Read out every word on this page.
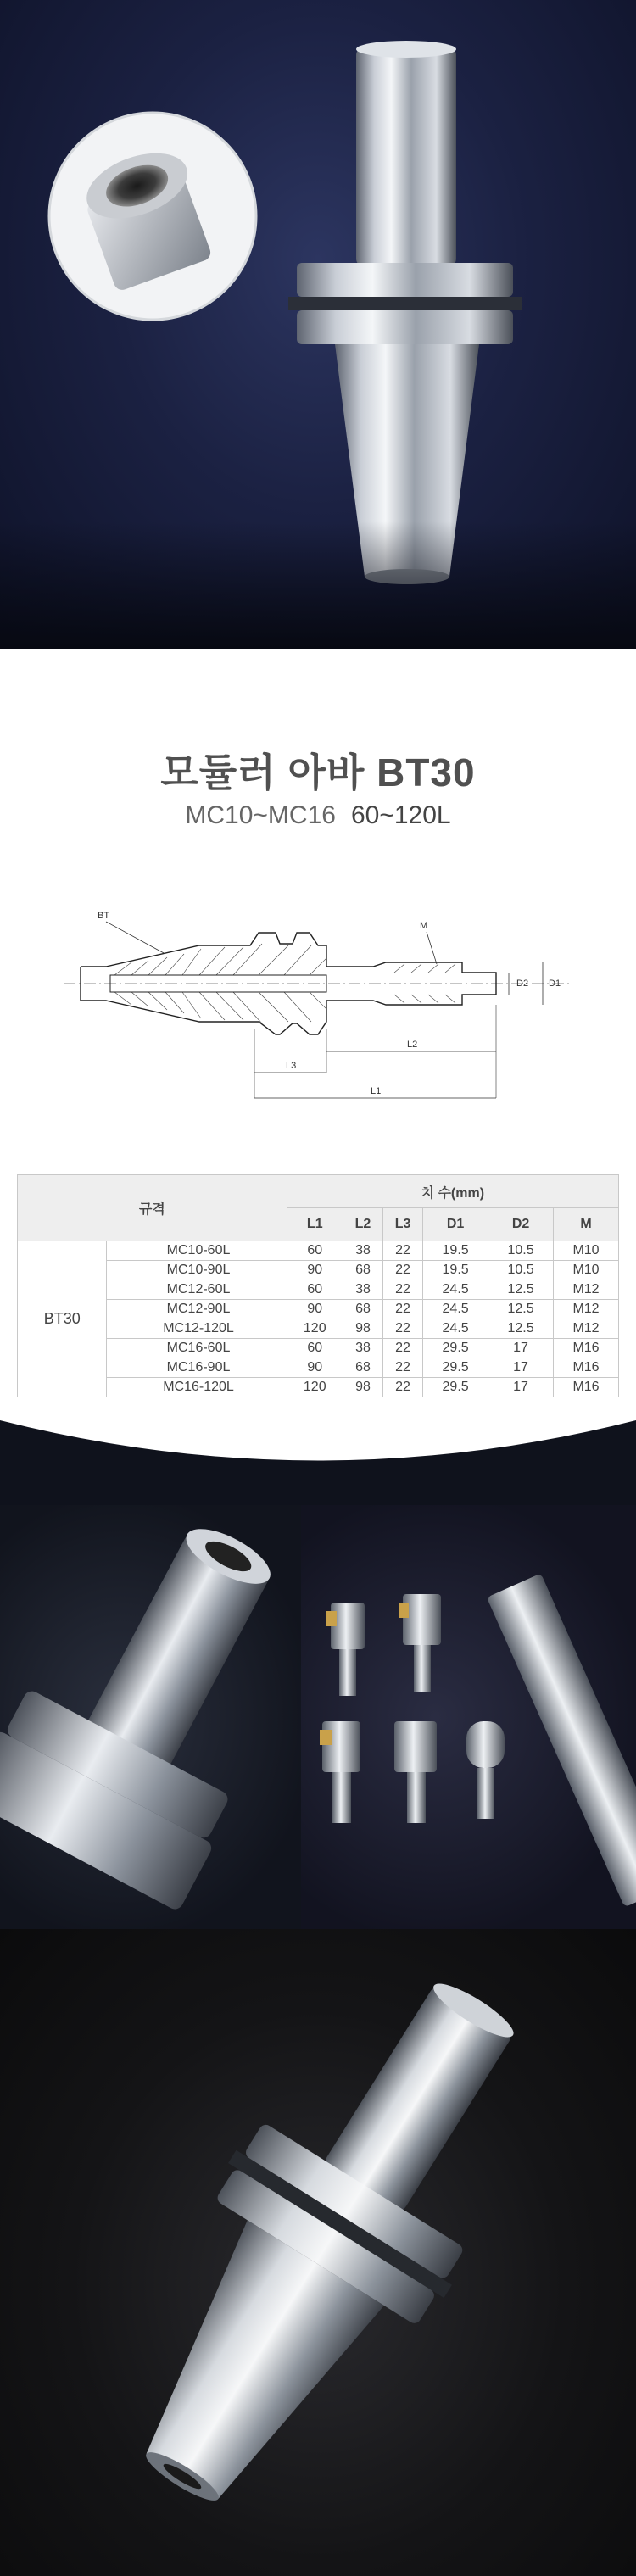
모듈러 아바 BT30
MC10~MC16 60~120L
BT
M
D2 D1
L3
L2
L1
규격		치 수(mm)					
		L1	L2	L3	D1	D2	M
BT30	MC10-60L	60	38	22	19.5	10.5	M10
	MC10-90L	90	68	22	19.5	10.5	M10
	MC12-60L	60	38	22	24.5	12.5	M12
	MC12-90L	90	68	22	24.5	12.5	M12
	MC12-120L	120	98	22	24.5	12.5	M12
	MC16-60L	60	38	22	29.5	17	M16
	MC16-90L	90	68	22	29.5	17	M16
	MC16-120L	120	98	22	29.5	17	M16
